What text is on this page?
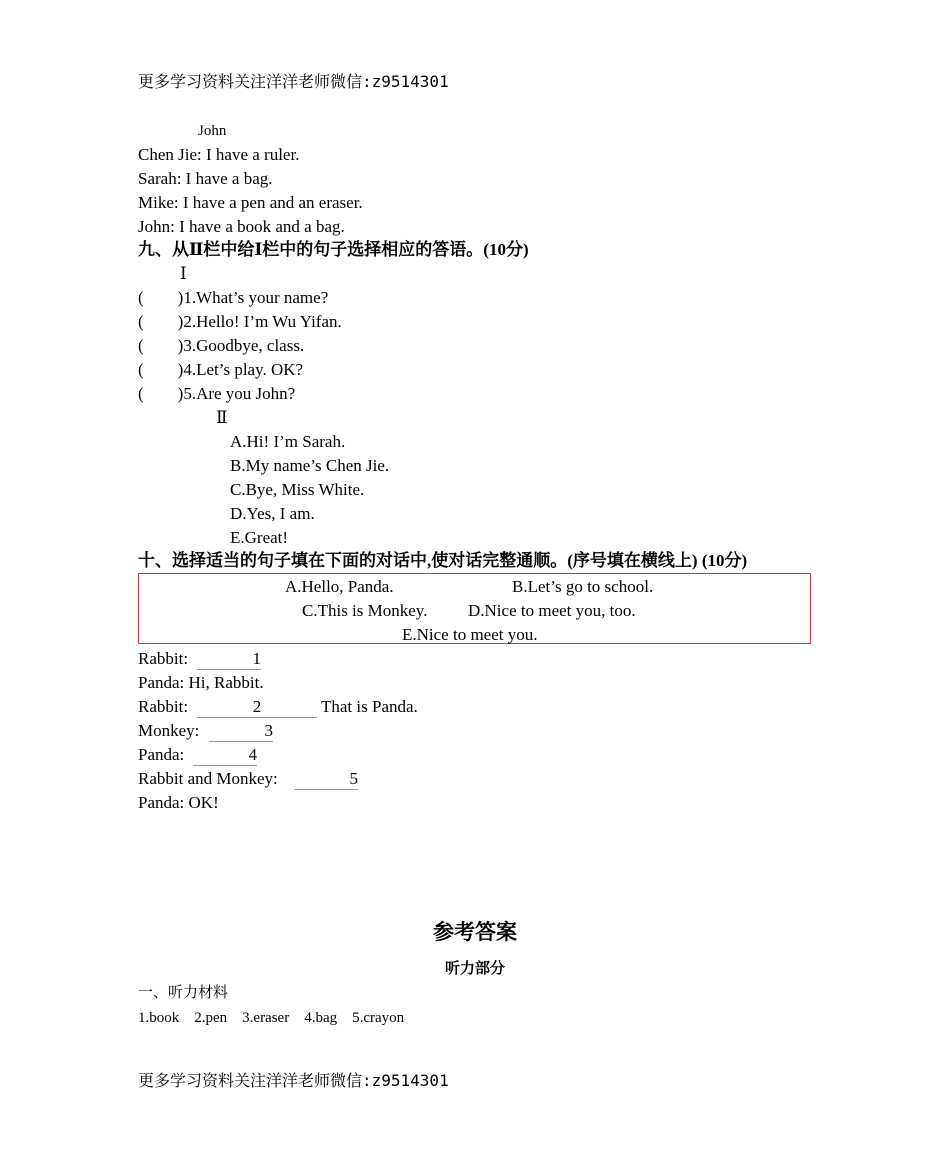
更多学习资料关注洋洋老师微信:z9514301
John
Chen Jie: I have a ruler.
Sarah: I have a bag.
Mike: I have a pen and an eraser.
John: I have a book and a bag.
九、从Ⅱ栏中给Ⅰ栏中的句子选择相应的答语。(10分)
Ⅰ
(        )1.What’s your name?
(        )2.Hello! I’m Wu Yifan.
(        )3.Goodbye, class.
(        )4.Let’s play. OK?
(        )5.Are you John?
Ⅱ
A.Hi! I’m Sarah.
B.My name’s Chen Jie.
C.Bye, Miss White.
D.Yes, I am.
E.Great!
十、选择适当的句子填在下面的对话中,使对话完整通顺。(序号填在横线上) (10分)
A.Hello, Panda.	B.Let’s go to school.
C.This is Monkey. D.Nice to meet you, too.
E.Nice to meet you.
Rabbit:	1
Panda: Hi, Rabbit.
Rabbit:	2	That is Panda.
Monkey:	3
Panda:	4
Rabbit and Monkey:	5
Panda: OK!
参考答案
听力部分
一、听力材料
1.book    2.pen    3.eraser    4.bag    5.crayon
更多学习资料关注洋洋老师微信:z9514301
